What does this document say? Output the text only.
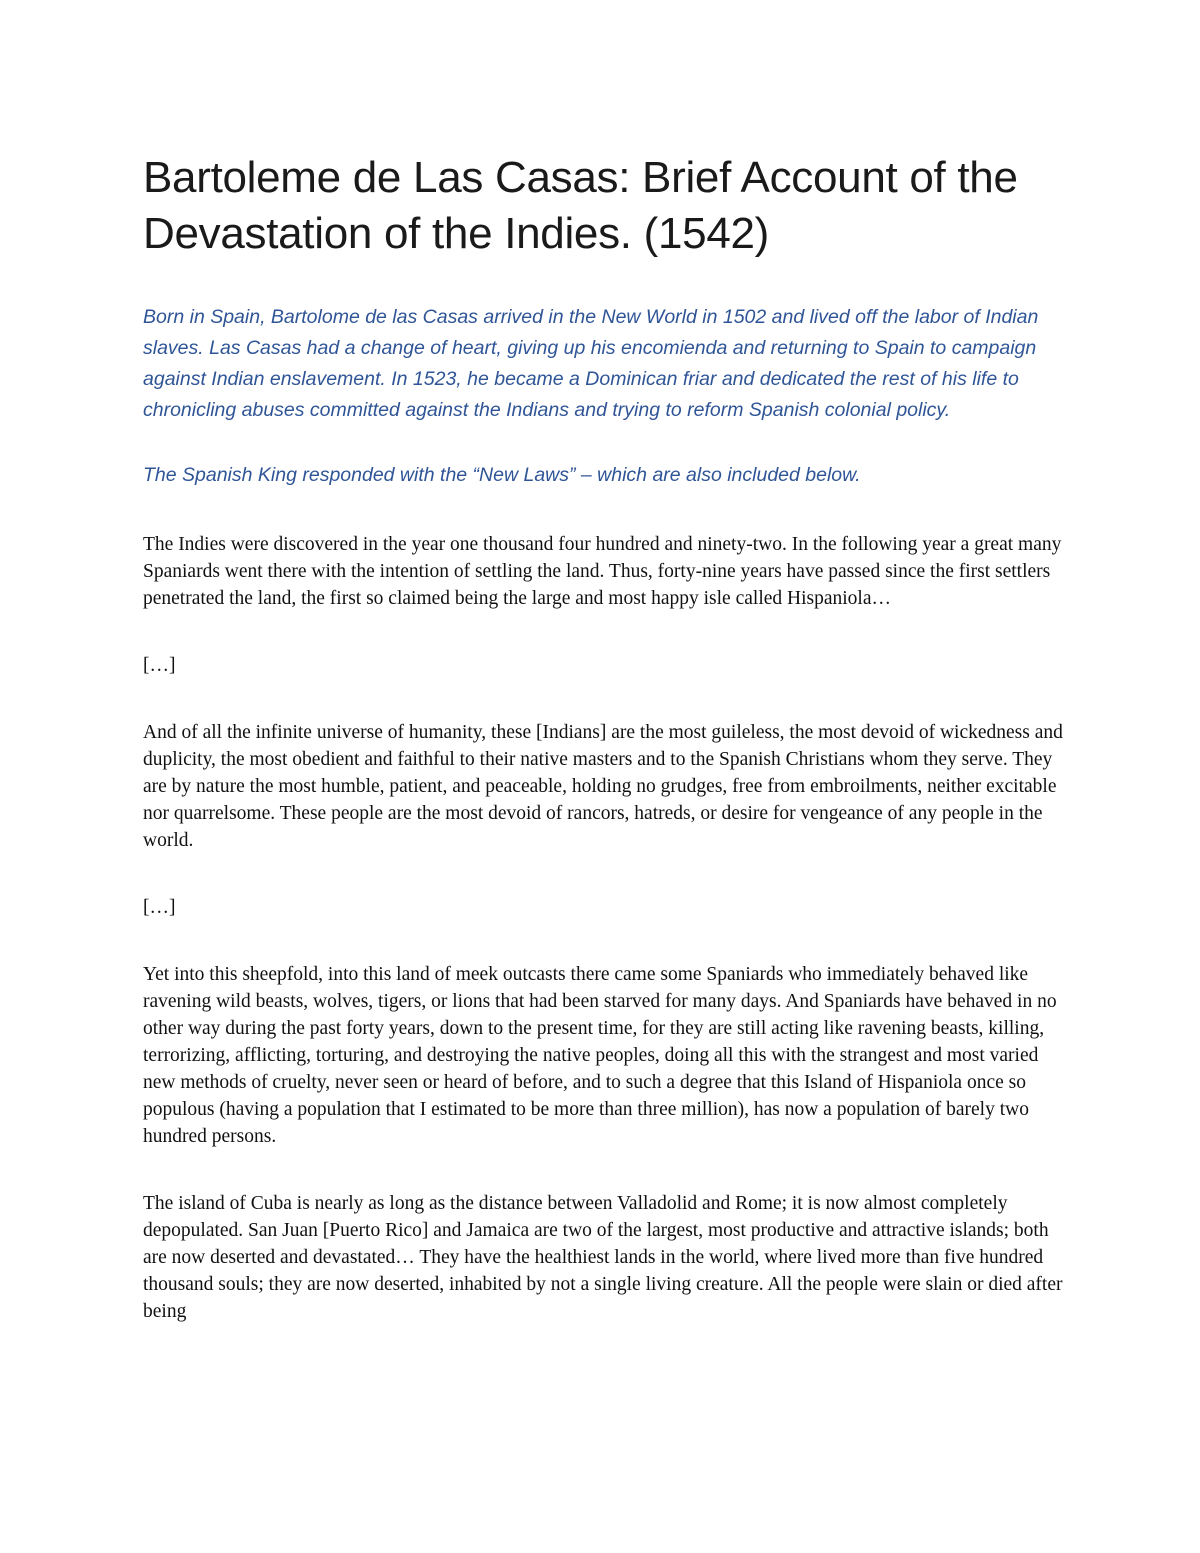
Bartoleme de Las Casas: Brief Account of the Devastation of the Indies. (1542)

Born in Spain, Bartolome de las Casas arrived in the New World in 1502 and lived off the labor of Indian slaves. Las Casas had a change of heart, giving up his encomienda and returning to Spain to campaign against Indian enslavement. In 1523, he became a Dominican friar and dedicated the rest of his life to chronicling abuses committed against the Indians and trying to reform Spanish colonial policy.

The Spanish King responded with the “New Laws” – which are also included below.

The Indies were discovered in the year one thousand four hundred and ninety-two. In the following year a great many Spaniards went there with the intention of settling the land. Thus, forty-nine years have passed since the first settlers penetrated the land, the first so claimed being the large and most happy isle called Hispaniola…

[…]

And of all the infinite universe of humanity, these [Indians] are the most guileless, the most devoid of wickedness and duplicity, the most obedient and faithful to their native masters and to the Spanish Christians whom they serve. They are by nature the most humble, patient, and peaceable, holding no grudges, free from embroilments, neither excitable nor quarrelsome. These people are the most devoid of rancors, hatreds, or desire for vengeance of any people in the world.

[…]

Yet into this sheepfold, into this land of meek outcasts there came some Spaniards who immediately behaved like ravening wild beasts, wolves, tigers, or lions that had been starved for many days. And Spaniards have behaved in no other way during the past forty years, down to the present time, for they are still acting like ravening beasts, killing, terrorizing, afflicting, torturing, and destroying the native peoples, doing all this with the strangest and most varied new methods of cruelty, never seen or heard of before, and to such a degree that this Island of Hispaniola once so populous (having a population that I estimated to be more than three million), has now a population of barely two hundred persons.

The island of Cuba is nearly as long as the distance between Valladolid and Rome; it is now almost completely depopulated. San Juan [Puerto Rico] and Jamaica are two of the largest, most productive and attractive islands; both are now deserted and devastated… They have the healthiest lands in the world, where lived more than five hundred thousand souls; they are now deserted, inhabited by not a single living creature. All the people were slain or died after being
